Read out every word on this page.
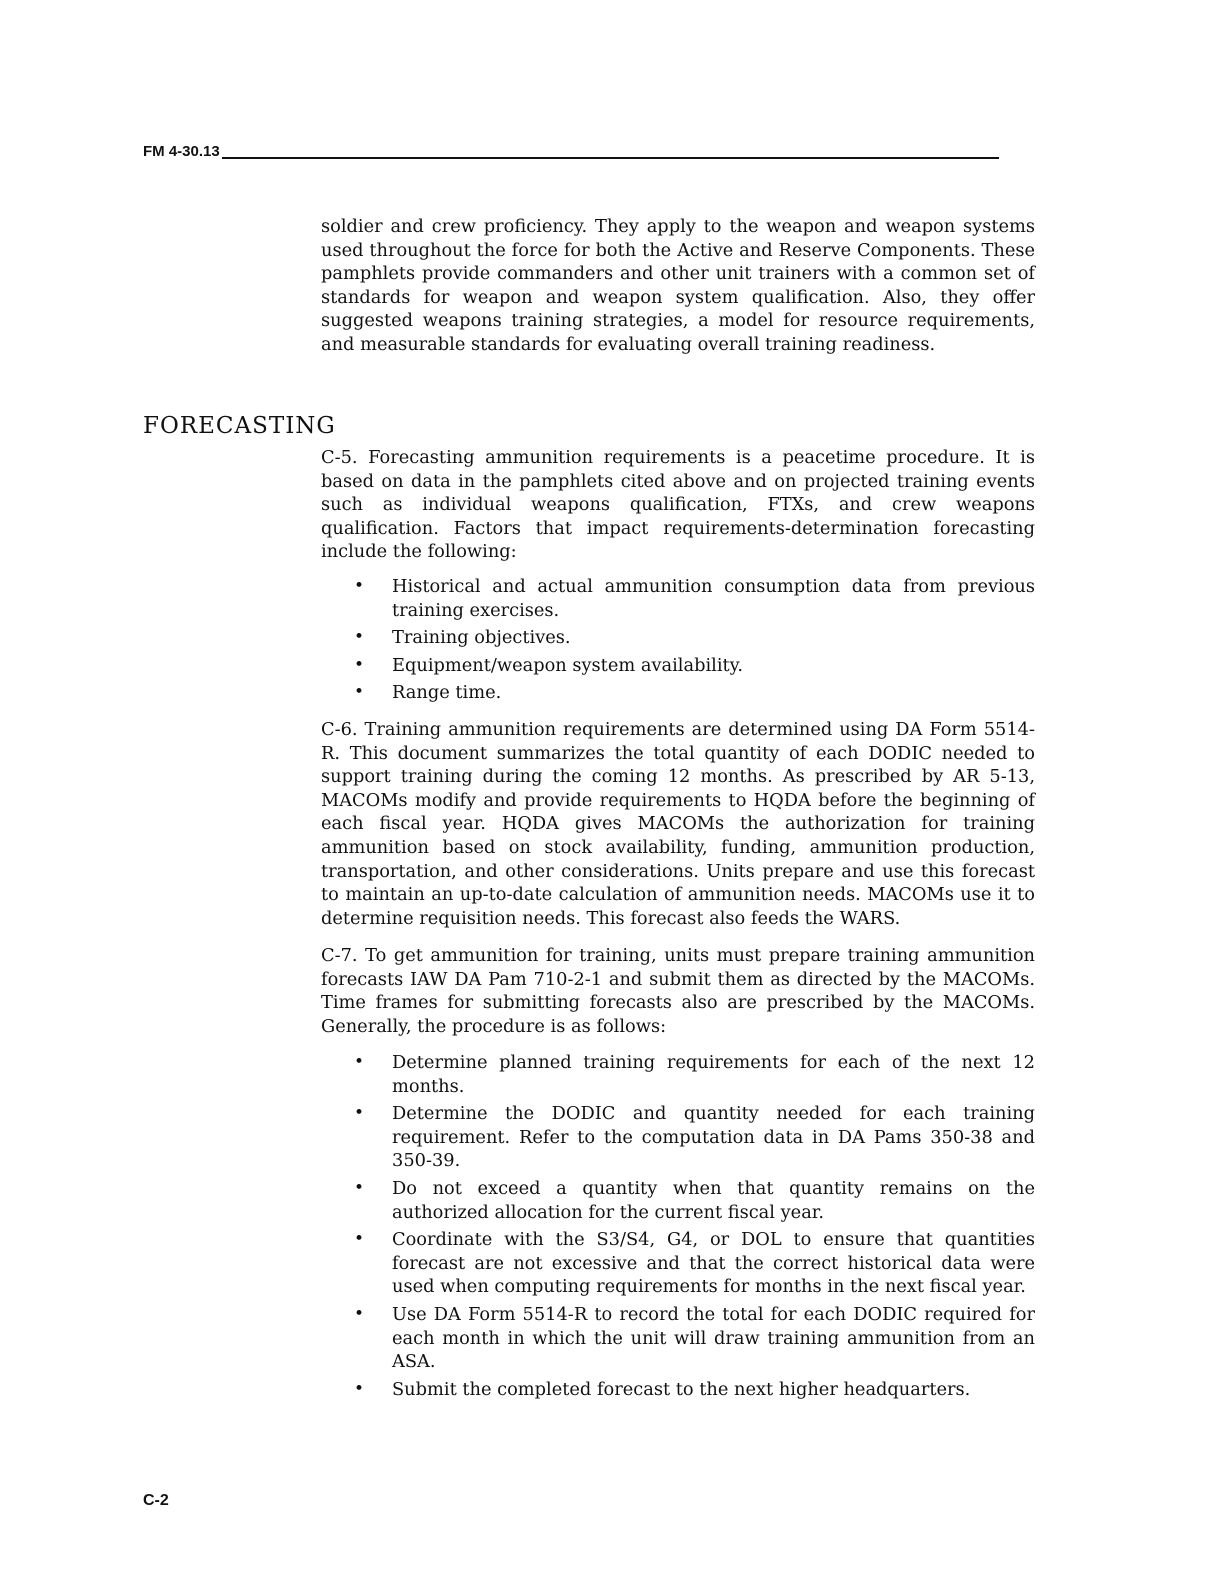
FM 4-30.13

soldier and crew proficiency. They apply to the weapon and weapon systems used throughout the force for both the Active and Reserve Components. These pamphlets provide commanders and other unit trainers with a common set of standards for weapon and weapon system qualification. Also, they offer suggested weapons training strategies, a model for resource requirements, and measurable standards for evaluating overall training readiness.

FORECASTING

C-5. Forecasting ammunition requirements is a peacetime procedure. It is based on data in the pamphlets cited above and on projected training events such as individual weapons qualification, FTXs, and crew weapons qualification. Factors that impact requirements-determination forecasting include the following:

• Historical and actual ammunition consumption data from previous training exercises.
• Training objectives.
• Equipment/weapon system availability.
• Range time.

C-6. Training ammunition requirements are determined using DA Form 5514-R. This document summarizes the total quantity of each DODIC needed to support training during the coming 12 months. As prescribed by AR 5-13, MACOMs modify and provide requirements to HQDA before the beginning of each fiscal year. HQDA gives MACOMs the authorization for training ammunition based on stock availability, funding, ammunition production, transportation, and other considerations. Units prepare and use this forecast to maintain an up-to-date calculation of ammunition needs. MACOMs use it to determine requisition needs. This forecast also feeds the WARS.

C-7. To get ammunition for training, units must prepare training ammunition forecasts IAW DA Pam 710-2-1 and submit them as directed by the MACOMs. Time frames for submitting forecasts also are prescribed by the MACOMs. Generally, the procedure is as follows:

• Determine planned training requirements for each of the next 12 months.
• Determine the DODIC and quantity needed for each training requirement. Refer to the computation data in DA Pams 350-38 and 350-39.
• Do not exceed a quantity when that quantity remains on the authorized allocation for the current fiscal year.
• Coordinate with the S3/S4, G4, or DOL to ensure that quantities forecast are not excessive and that the correct historical data were used when computing requirements for months in the next fiscal year.
• Use DA Form 5514-R to record the total for each DODIC required for each month in which the unit will draw training ammunition from an ASA.
• Submit the completed forecast to the next higher headquarters.
C-2
